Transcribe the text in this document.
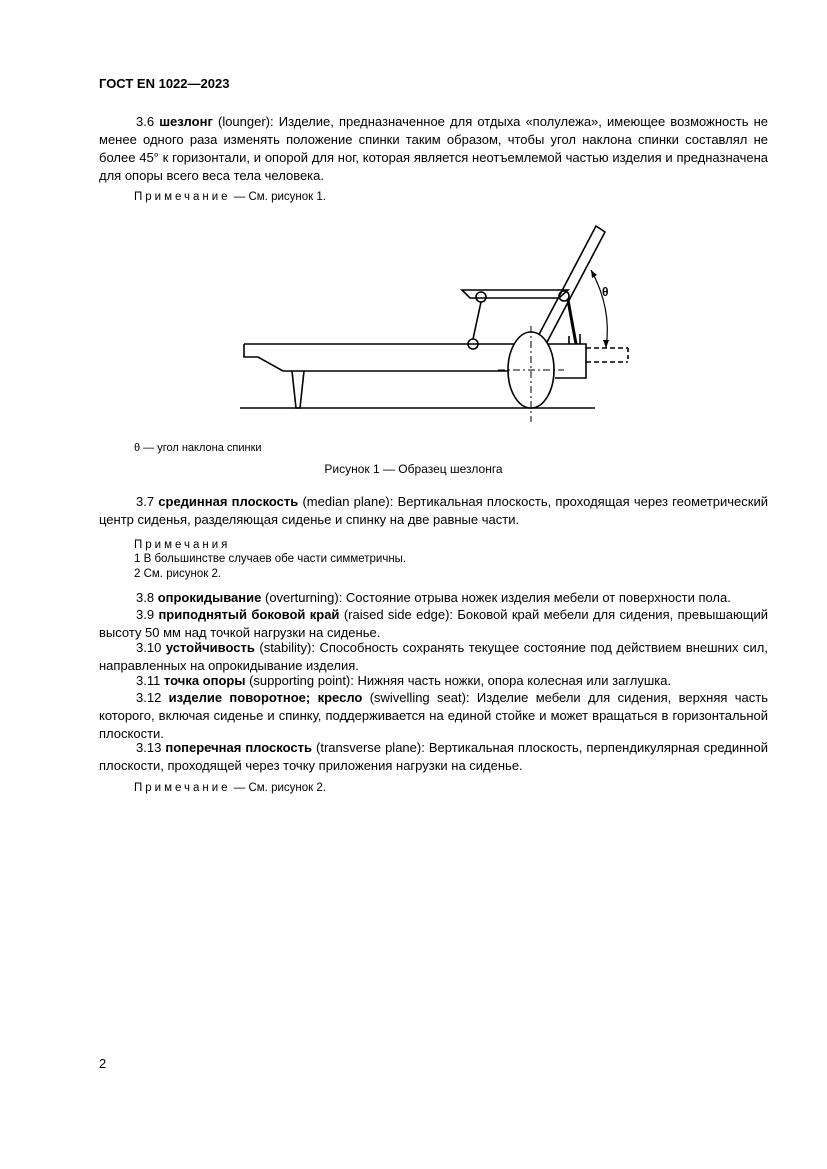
ГОСТ EN 1022—2023

3.6 шезлонг (lounger): Изделие, предназначенное для отдыха «полулежа», имеющее возможность не менее одного раза изменять положение спинки таким образом, чтобы угол наклона спинки составлял не более 45° к горизонтали, и опорой для ног, которая является неотъемлемой частью изделия и предназначена для опоры всего веса тела человека.

Примечание — См. рисунок 1.

θ
θ — угол наклона спинки
Рисунок 1 — Образец шезлонга

3.7 срединная плоскость (median plane): Вертикальная плоскость, проходящая через геометрический центр сиденья, разделяющая сиденье и спинку на две равные части.

Примечания

1 В большинстве случаев обе части симметричны.

2 См. рисунок 2.

3.8 опрокидывание (overturning): Состояние отрыва ножек изделия мебели от поверхности пола.

3.9 приподнятый боковой край (raised side edge): Боковой край мебели для сидения, превышающий высоту 50 мм над точкой нагрузки на сиденье.

3.10 устойчивость (stability): Способность сохранять текущее состояние под действием внешних сил, направленных на опрокидывание изделия.

3.11 точка опоры (supporting point): Нижняя часть ножки, опора колесная или заглушка.

3.12 изделие поворотное; кресло (swivelling seat): Изделие мебели для сидения, верхняя часть которого, включая сиденье и спинку, поддерживается на единой стойке и может вращаться в горизонтальной плоскости.

3.13 поперечная плоскость (transverse plane): Вертикальная плоскость, перпендикулярная срединной плоскости, проходящей через точку приложения нагрузки на сиденье.

Примечание — См. рисунок 2.

2
